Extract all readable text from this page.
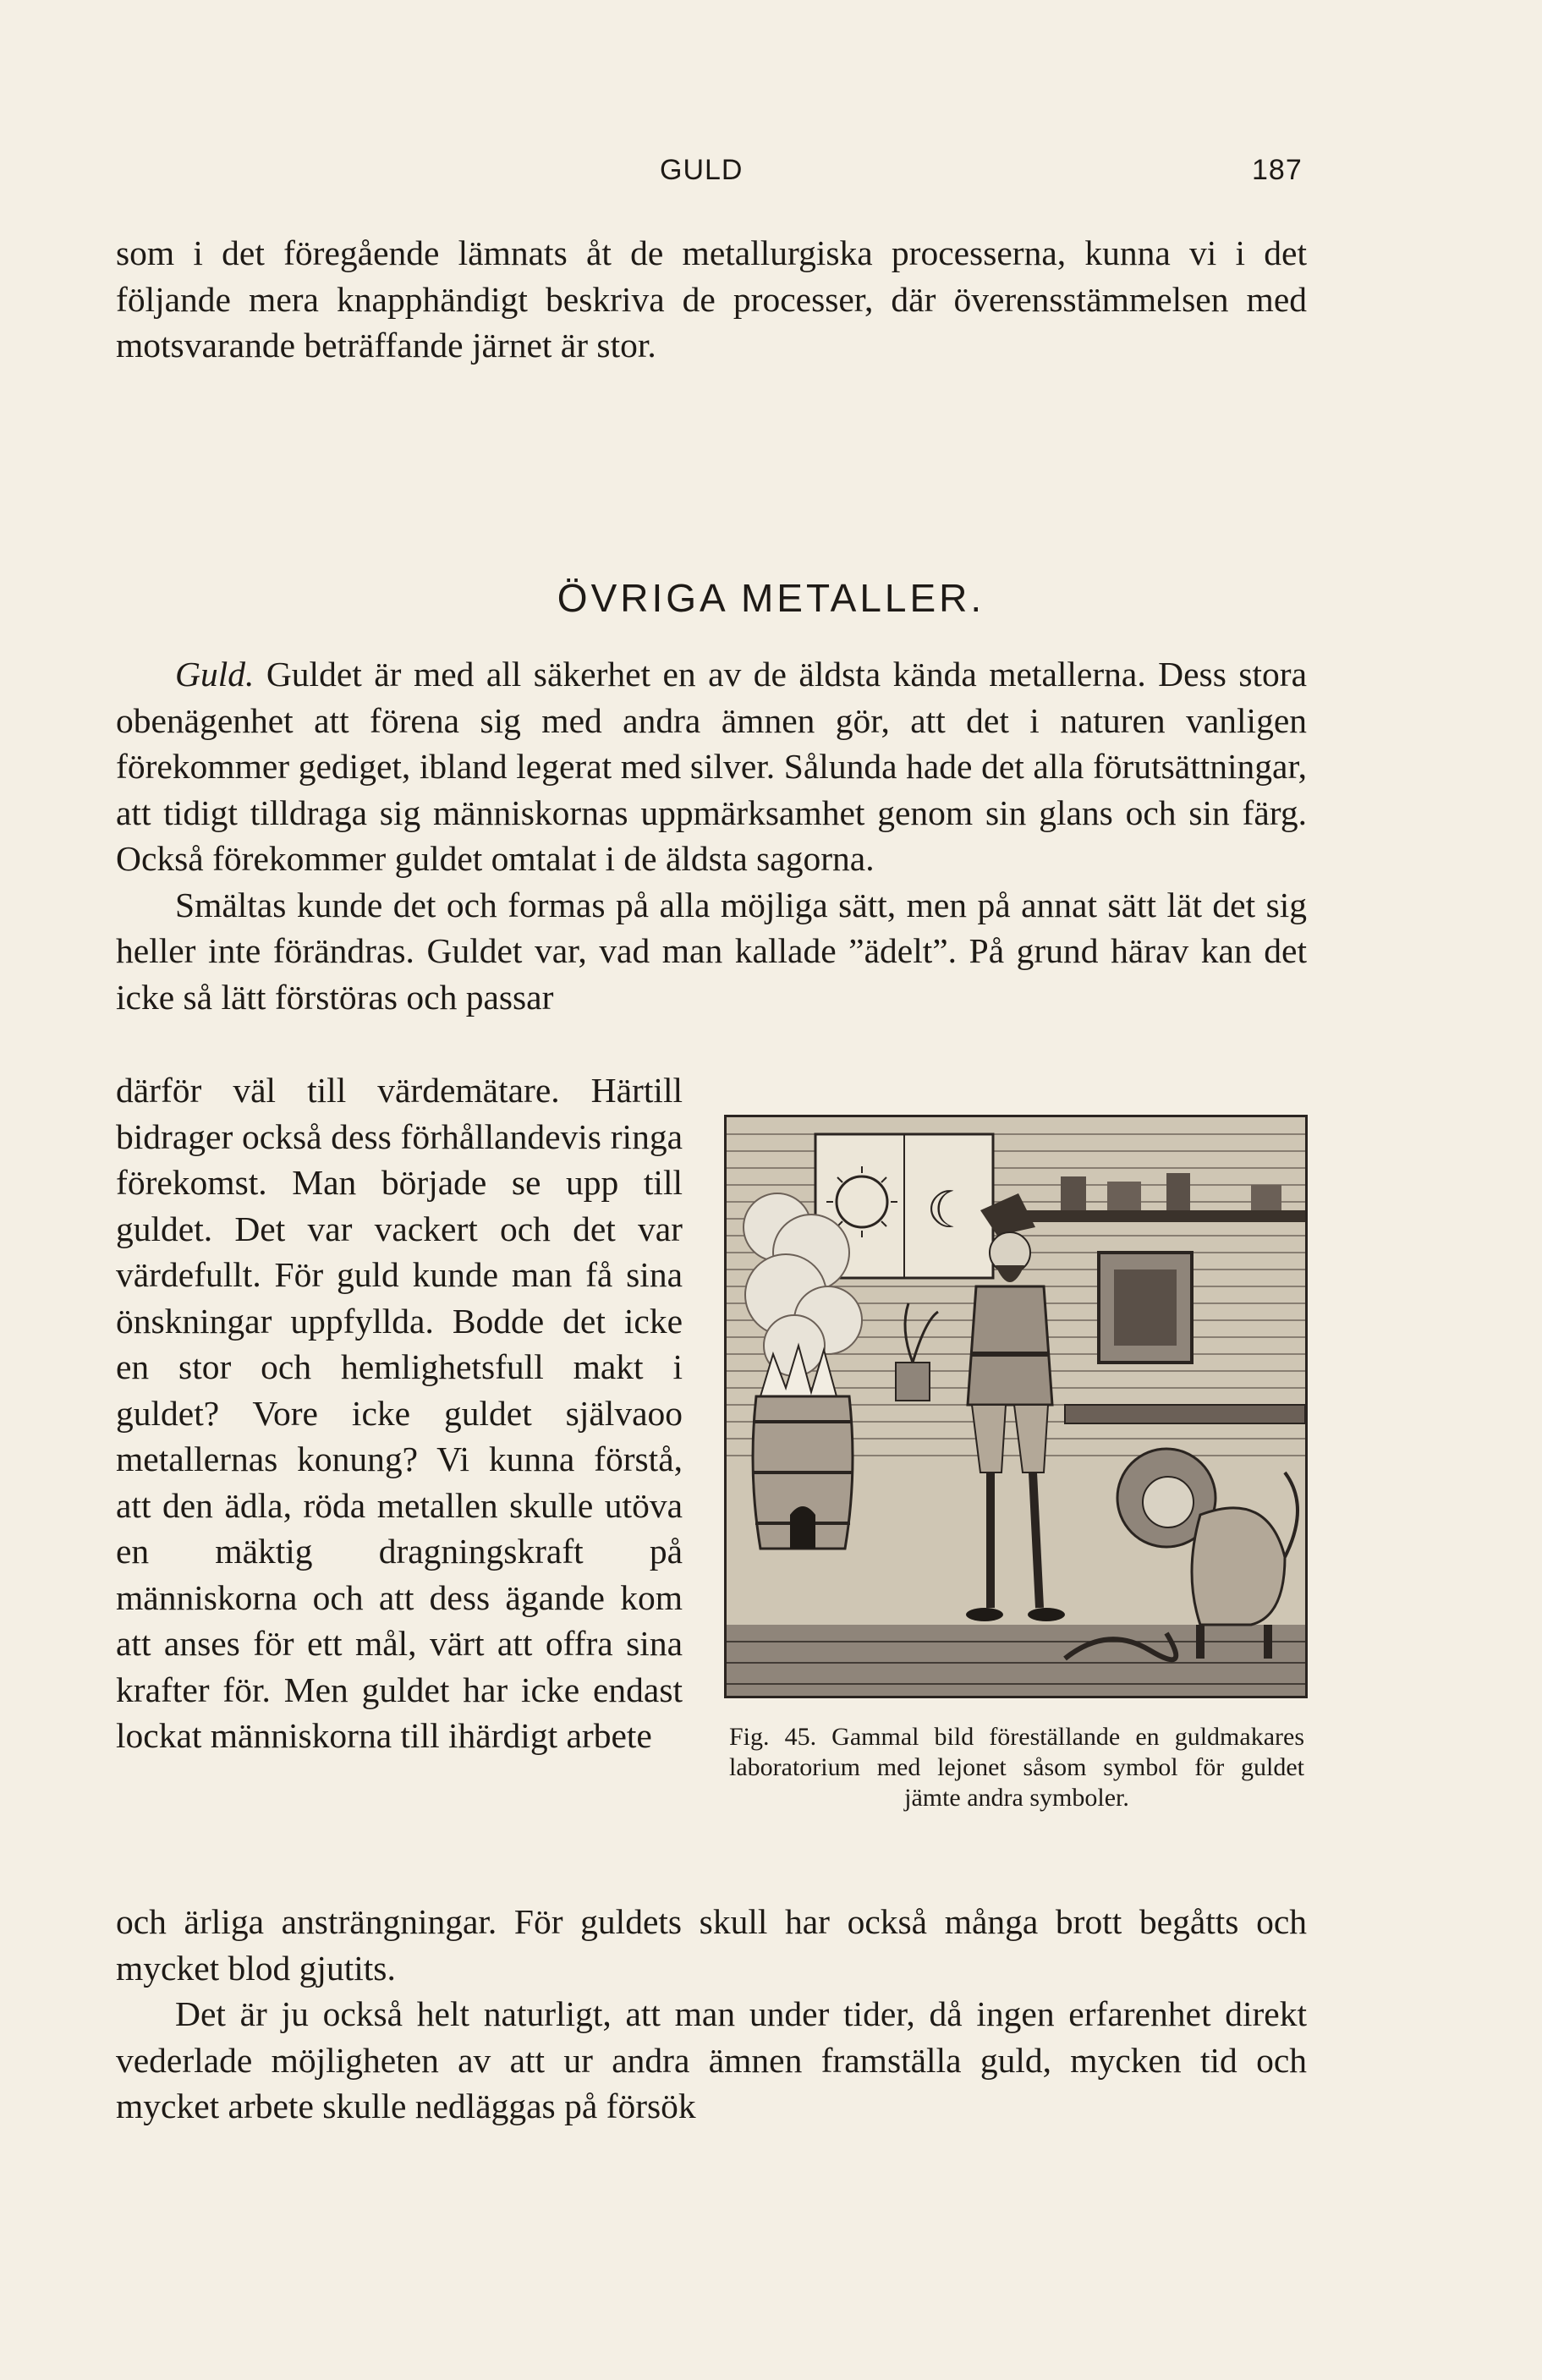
GULD	187

som i det föregående lämnats åt de metallurgiska processerna, kunna vi i det följande mera knapphändigt beskriva de processer, där överensstämmelsen med motsvarande beträffande järnet är stor.

ÖVRIGA METALLER.

Guld. Guldet är med all säkerhet en av de äldsta kända metallerna. Dess stora obenägenhet att förena sig med andra ämnen gör, att det i naturen vanligen förekommer gediget, ibland legerat med silver. Sålunda hade det alla förutsättningar, att tidigt tilldraga sig människornas uppmärksamhet genom sin glans och sin färg. Också förekommer guldet omtalat i de äldsta sagorna.

Smältas kunde det och formas på alla möjliga sätt, men på annat sätt lät det sig heller inte förändras. Guldet var, vad man kallade ”ädelt”. På grund härav kan det icke så lätt förstöras och passar

därför väl till värdemätare. Härtill bidrager också dess förhållandevis ringa förekomst. Man började se upp till guldet. Det var vackert och det var värdefullt. För guld kunde man få sina önskningar uppfyllda. Bodde det icke en stor och hemlighetsfull makt i guldet? Vore icke guldet självaoo metallernas konung? Vi kunna förstå, att den ädla, röda metallen skulle utöva en mäktig dragningskraft på människorna och att dess ägande kom att anses för ett mål, värt att offra sina krafter för. Men guldet har icke endast lockat människorna till ihärdigt arbete

☾
Fig. 45. Gammal bild föreställande en guldmakares laboratorium med lejonet såsom symbol för guldet jämte andra symboler.

och ärliga ansträngningar. För guldets skull har också många brott begåtts och mycket blod gjutits.

Det är ju också helt naturligt, att man under tider, då ingen erfarenhet direkt vederlade möjligheten av att ur andra ämnen framställa guld, mycken tid och mycket arbete skulle nedläggas på försök
